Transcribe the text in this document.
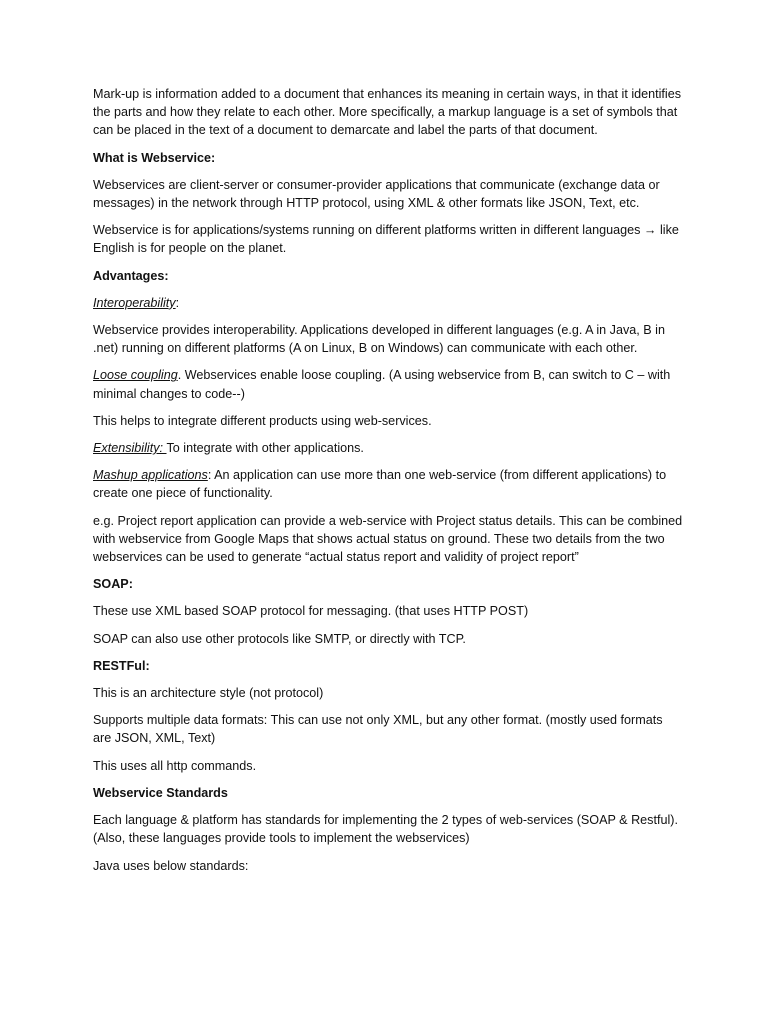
Mark-up is information added to a document that enhances its meaning in certain ways, in that it identifies the parts and how they relate to each other. More specifically, a markup language is a set of symbols that can be placed in the text of a document to demarcate and label the parts of that document.

What is Webservice:

Webservices are client-server or consumer-provider applications that communicate (exchange data or messages) in the network through HTTP protocol, using XML & other formats like JSON, Text, etc.

Webservice is for applications/systems running on different platforms written in different languages → like English is for people on the planet.

Advantages:

Interoperability:

Webservice provides interoperability. Applications developed in different languages (e.g. A in Java, B in .net) running on different platforms (A on Linux, B on Windows) can communicate with each other.

Loose coupling. Webservices enable loose coupling. (A using webservice from B, can switch to C – with minimal changes to code--)

This helps to integrate different products using web-services.

Extensibility: To integrate with other applications.

Mashup applications: An application can use more than one web-service (from different applications) to create one piece of functionality.

e.g. Project report application can provide a web-service with Project status details. This can be combined with webservice from Google Maps that shows actual status on ground. These two details from the two webservices can be used to generate “actual status report and validity of project report”

SOAP:

These use XML based SOAP protocol for messaging. (that uses HTTP POST)

SOAP can also use other protocols like SMTP, or directly with TCP.

RESTFul:

This is an architecture style (not protocol)

Supports multiple data formats: This can use not only XML, but any other format. (mostly used formats are JSON, XML, Text)

This uses all http commands.

Webservice Standards

Each language & platform has standards for implementing the 2 types of web-services (SOAP & Restful). (Also, these languages provide tools to implement the webservices)

Java uses below standards:
